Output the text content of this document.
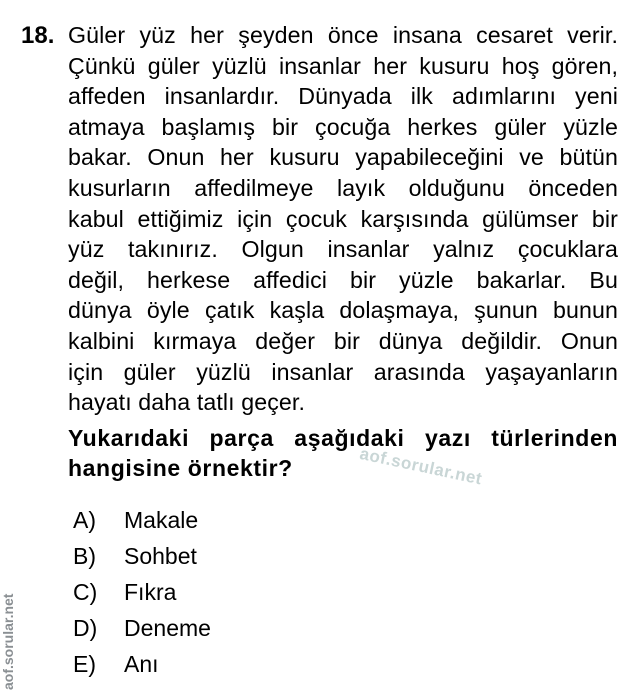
18. Güler yüz her şeyden önce insana cesaret verir.
Çünkü güler yüzlü insanlar her kusuru hoş gören,
affeden insanlardır. Dünyada ilk adımlarını yeni
atmaya başlamış bir çocuğa herkes güler yüzle
bakar. Onun her kusuru yapabileceğini ve bütün
kusurların affedilmeye layık olduğunu önceden
kabul ettiğimiz için çocuk karşısında gülümser bir
yüz takınırız. Olgun insanlar yalnız çocuklara
değil, herkese affedici bir yüzle bakarlar. Bu
dünya öyle çatık kaşla dolaşmaya, şunun bunun
kalbini kırmaya değer bir dünya değildir. Onun
için güler yüzlü insanlar arasında yaşayanların
hayatı daha tatlı geçer.
Yukarıdaki parça aşağıdaki yazı türlerinden
hangisine örnektir?	aof.sorular.net
A)	Makale
B)	Sohbet
C)	Fıkra
D)	Deneme
E)	Anı
aof.sorular.net
